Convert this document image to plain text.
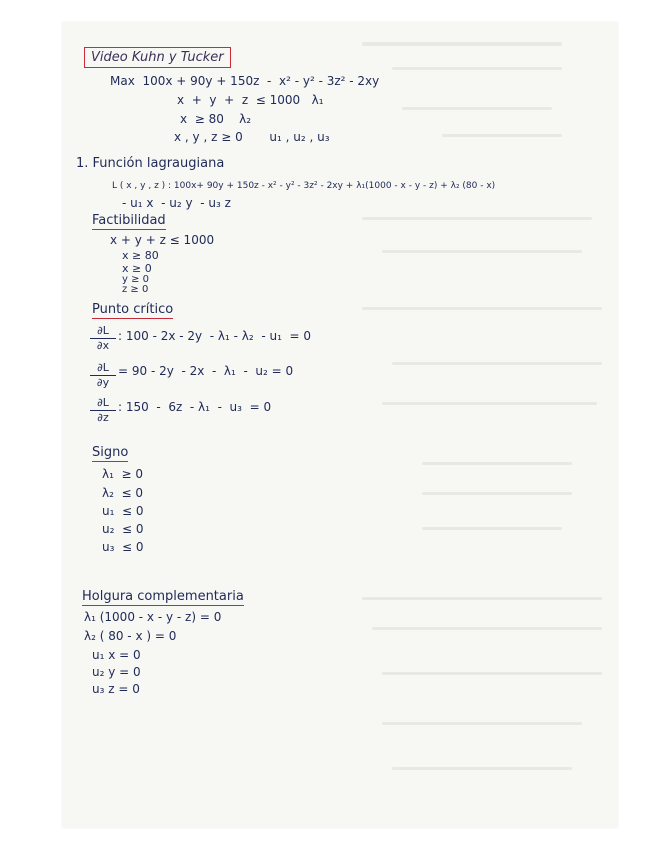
Video Kuhn y Tucker
Max  100x + 90y + 150z  -  x² - y² - 3z² - 2xy
x  +  y  +  z  ≤ 1000   λ₁
x  ≥ 80    λ₂
x , y , z ≥ 0       u₁ , u₂ , u₃
1. Función lagraugiana
L ( x , y , z ) : 100x+ 90y + 150z - x² - y² - 3z² - 2xy + λ₁(1000 - x - y - z) + λ₂ (80 - x)
- u₁ x  - u₂ y  - u₃ z
Factibilidad
x + y + z ≤ 1000
x ≥ 80
x ≥ 0
y ≥ 0
z ≥ 0
Punto crítico
$\frac{\partial L}{\partial x}$ : 100 - 2x - 2y  - λ₁ - λ₂  - u₁  = 0
$\frac{\partial L}{\partial y} = 90 - 2y - 2x - \lambda_1 - u_2 = 0$
$\frac{\partial L}{\partial z}$ : 150  -  6z  - λ₁  -  u₃  = 0
Signo
λ₁  ≥ 0
λ₂  ≤ 0
u₁  ≤ 0
u₂  ≤ 0
u₃  ≤ 0
Holgura complementaria
λ₁ (1000 - x - y - z) = 0
λ₂ ( 80 - x ) = 0
u₁ x = 0
u₂ y = 0
u₃ z = 0
